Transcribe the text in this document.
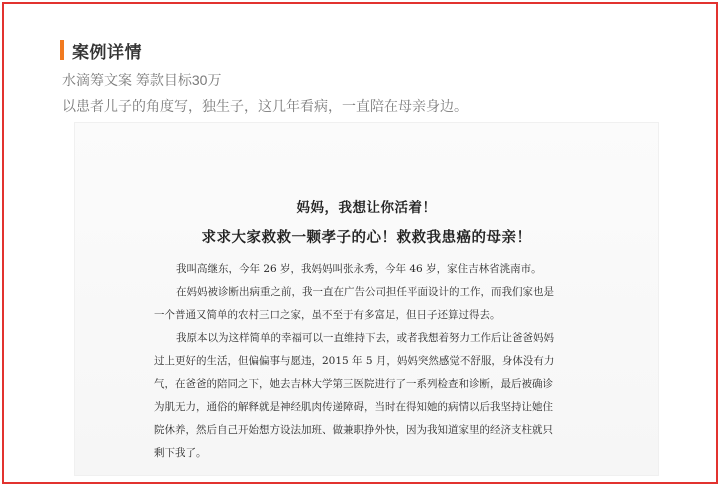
案例详情
水滴筹文案 筹款目标30万
以患者儿子的角度写，独生子，这几年看病，一直陪在母亲身边。
妈妈，我想让你活着！
求求大家救救一颗孝子的心！救救我患癌的母亲！

我叫高继东，今年 26 岁，我妈妈叫张永秀，今年 46 岁，家住吉林省洮南市。

在妈妈被诊断出病重之前，我一直在广告公司担任平面设计的工作，而我们家也是

一个普通又简单的农村三口之家，虽不至于有多富足，但日子还算过得去。

我原本以为这样简单的幸福可以一直维持下去，或者我想着努力工作后让爸爸妈妈

过上更好的生活，但偏偏事与愿违，2015 年 5 月，妈妈突然感觉不舒服，身体没有力

气，在爸爸的陪同之下，她去吉林大学第三医院进行了一系列检查和诊断，最后被确诊

为肌无力，通俗的解释就是神经肌肉传递障碍，当时在得知她的病情以后我坚持让她住

院休养，然后自己开始想方设法加班、做兼职挣外快，因为我知道家里的经济支柱就只

剩下我了。
